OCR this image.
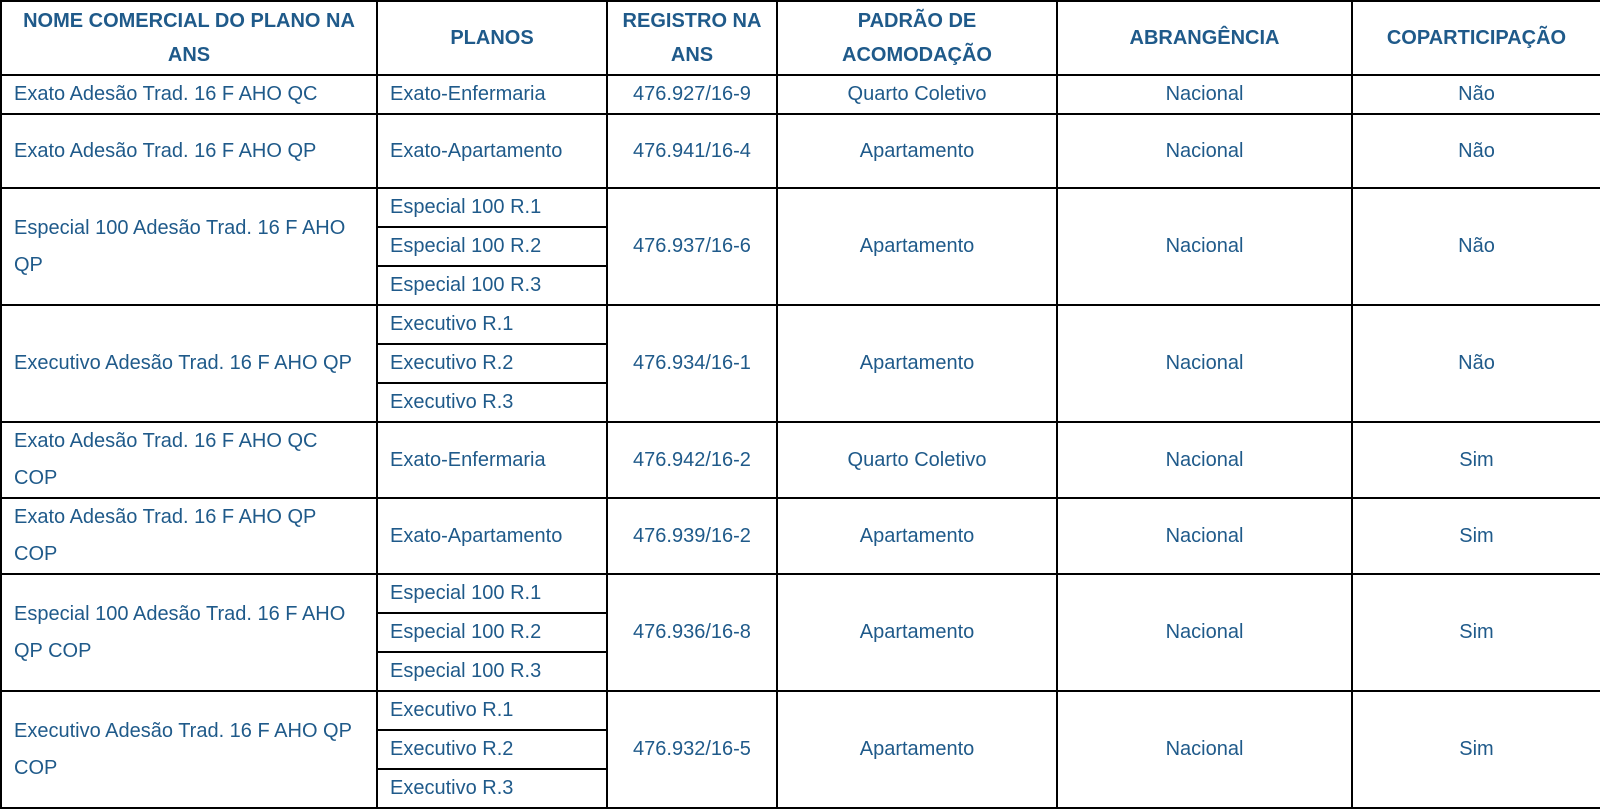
NOME COMERCIAL DO PLANO NA ANS	PLANOS	REGISTRO NA ANS	PADRÃO DE ACOMODAÇÃO	ABRANGÊNCIA	COPARTICIPAÇÃO
Exato Adesão Trad. 16 F AHO QC	Exato-Enfermaria	476.927/16-9	Quarto Coletivo	Nacional	Não
Exato Adesão Trad. 16 F AHO QP	Exato-Apartamento	476.941/16-4	Apartamento	Nacional	Não
Especial 100 Adesão Trad. 16 F AHO QP	Especial 100 R.1	476.937/16-6	Apartamento	Nacional	Não
	Especial 100 R.2				
	Especial 100 R.3				
Executivo Adesão Trad. 16 F AHO QP	Executivo R.1	476.934/16-1	Apartamento	Nacional	Não
	Executivo R.2				
	Executivo R.3				
Exato Adesão Trad. 16 F AHO QC COP	Exato-Enfermaria	476.942/16-2	Quarto Coletivo	Nacional	Sim
Exato Adesão Trad. 16 F AHO QP COP	Exato-Apartamento	476.939/16-2	Apartamento	Nacional	Sim
Especial 100 Adesão Trad. 16 F AHO QP COP	Especial 100 R.1	476.936/16-8	Apartamento	Nacional	Sim
	Especial 100 R.2				
	Especial 100 R.3				
Executivo Adesão Trad. 16 F AHO QP COP	Executivo R.1	476.932/16-5	Apartamento	Nacional	Sim
	Executivo R.2				
	Executivo R.3				
